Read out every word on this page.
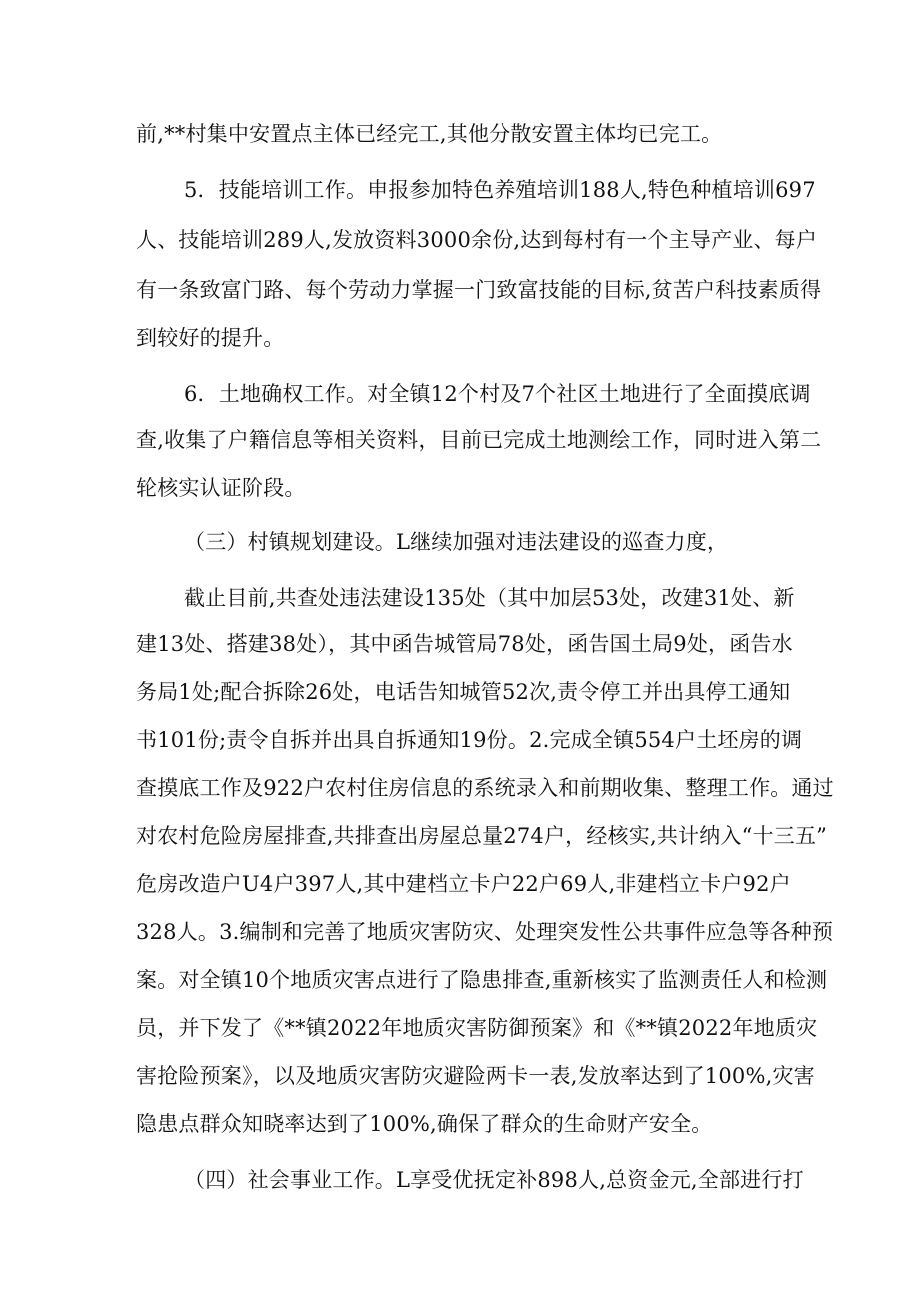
前,**村集中安置点主体已经完工,其他分散安置主体均已完工。

5．技能培训工作。申报参加特色养殖培训188人,特色种植培训697

人、技能培训289人,发放资料3000余份,达到每村有一个主导产业、每户

有一条致富门路、每个劳动力掌握一门致富技能的目标,贫苦户科技素质得

到较好的提升。

6．土地确权工作。对全镇12个村及7个社区土地进行了全面摸底调

查,收集了户籍信息等相关资料，目前已完成土地测绘工作，同时进入第二

轮核实认证阶段。

（三）村镇规划建设。L继续加强对违法建设的巡查力度，

截止目前,共查处违法建设135处（其中加层53处，改建31处、新

建13处、搭建38处），其中函告城管局78处，函告国土局9处，函告水

务局1处;配合拆除26处，电话告知城管52次,责令停工并出具停工通知

书101份;责令自拆并出具自拆通知19份。2.完成全镇554户土坯房的调

查摸底工作及922户农村住房信息的系统录入和前期收集、整理工作。通过

对农村危险房屋排查,共排查出房屋总量274户，经核实,共计纳入“十三五”

危房改造户U4户397人,其中建档立卡户22户69人,非建档立卡户92户

328人。3.编制和完善了地质灾害防灾、处理突发性公共事件应急等各种预

案。对全镇10个地质灾害点进行了隐患排查,重新核实了监测责任人和检测

员，并下发了《**镇2022年地质灾害防御预案》和《**镇2022年地质灾

害抢险预案》，以及地质灾害防灾避险两卡一表,发放率达到了100%,灾害

隐患点群众知晓率达到了100%,确保了群众的生命财产安全。

（四）社会事业工作。L享受优抚定补898人,总资金元,全部进行打
